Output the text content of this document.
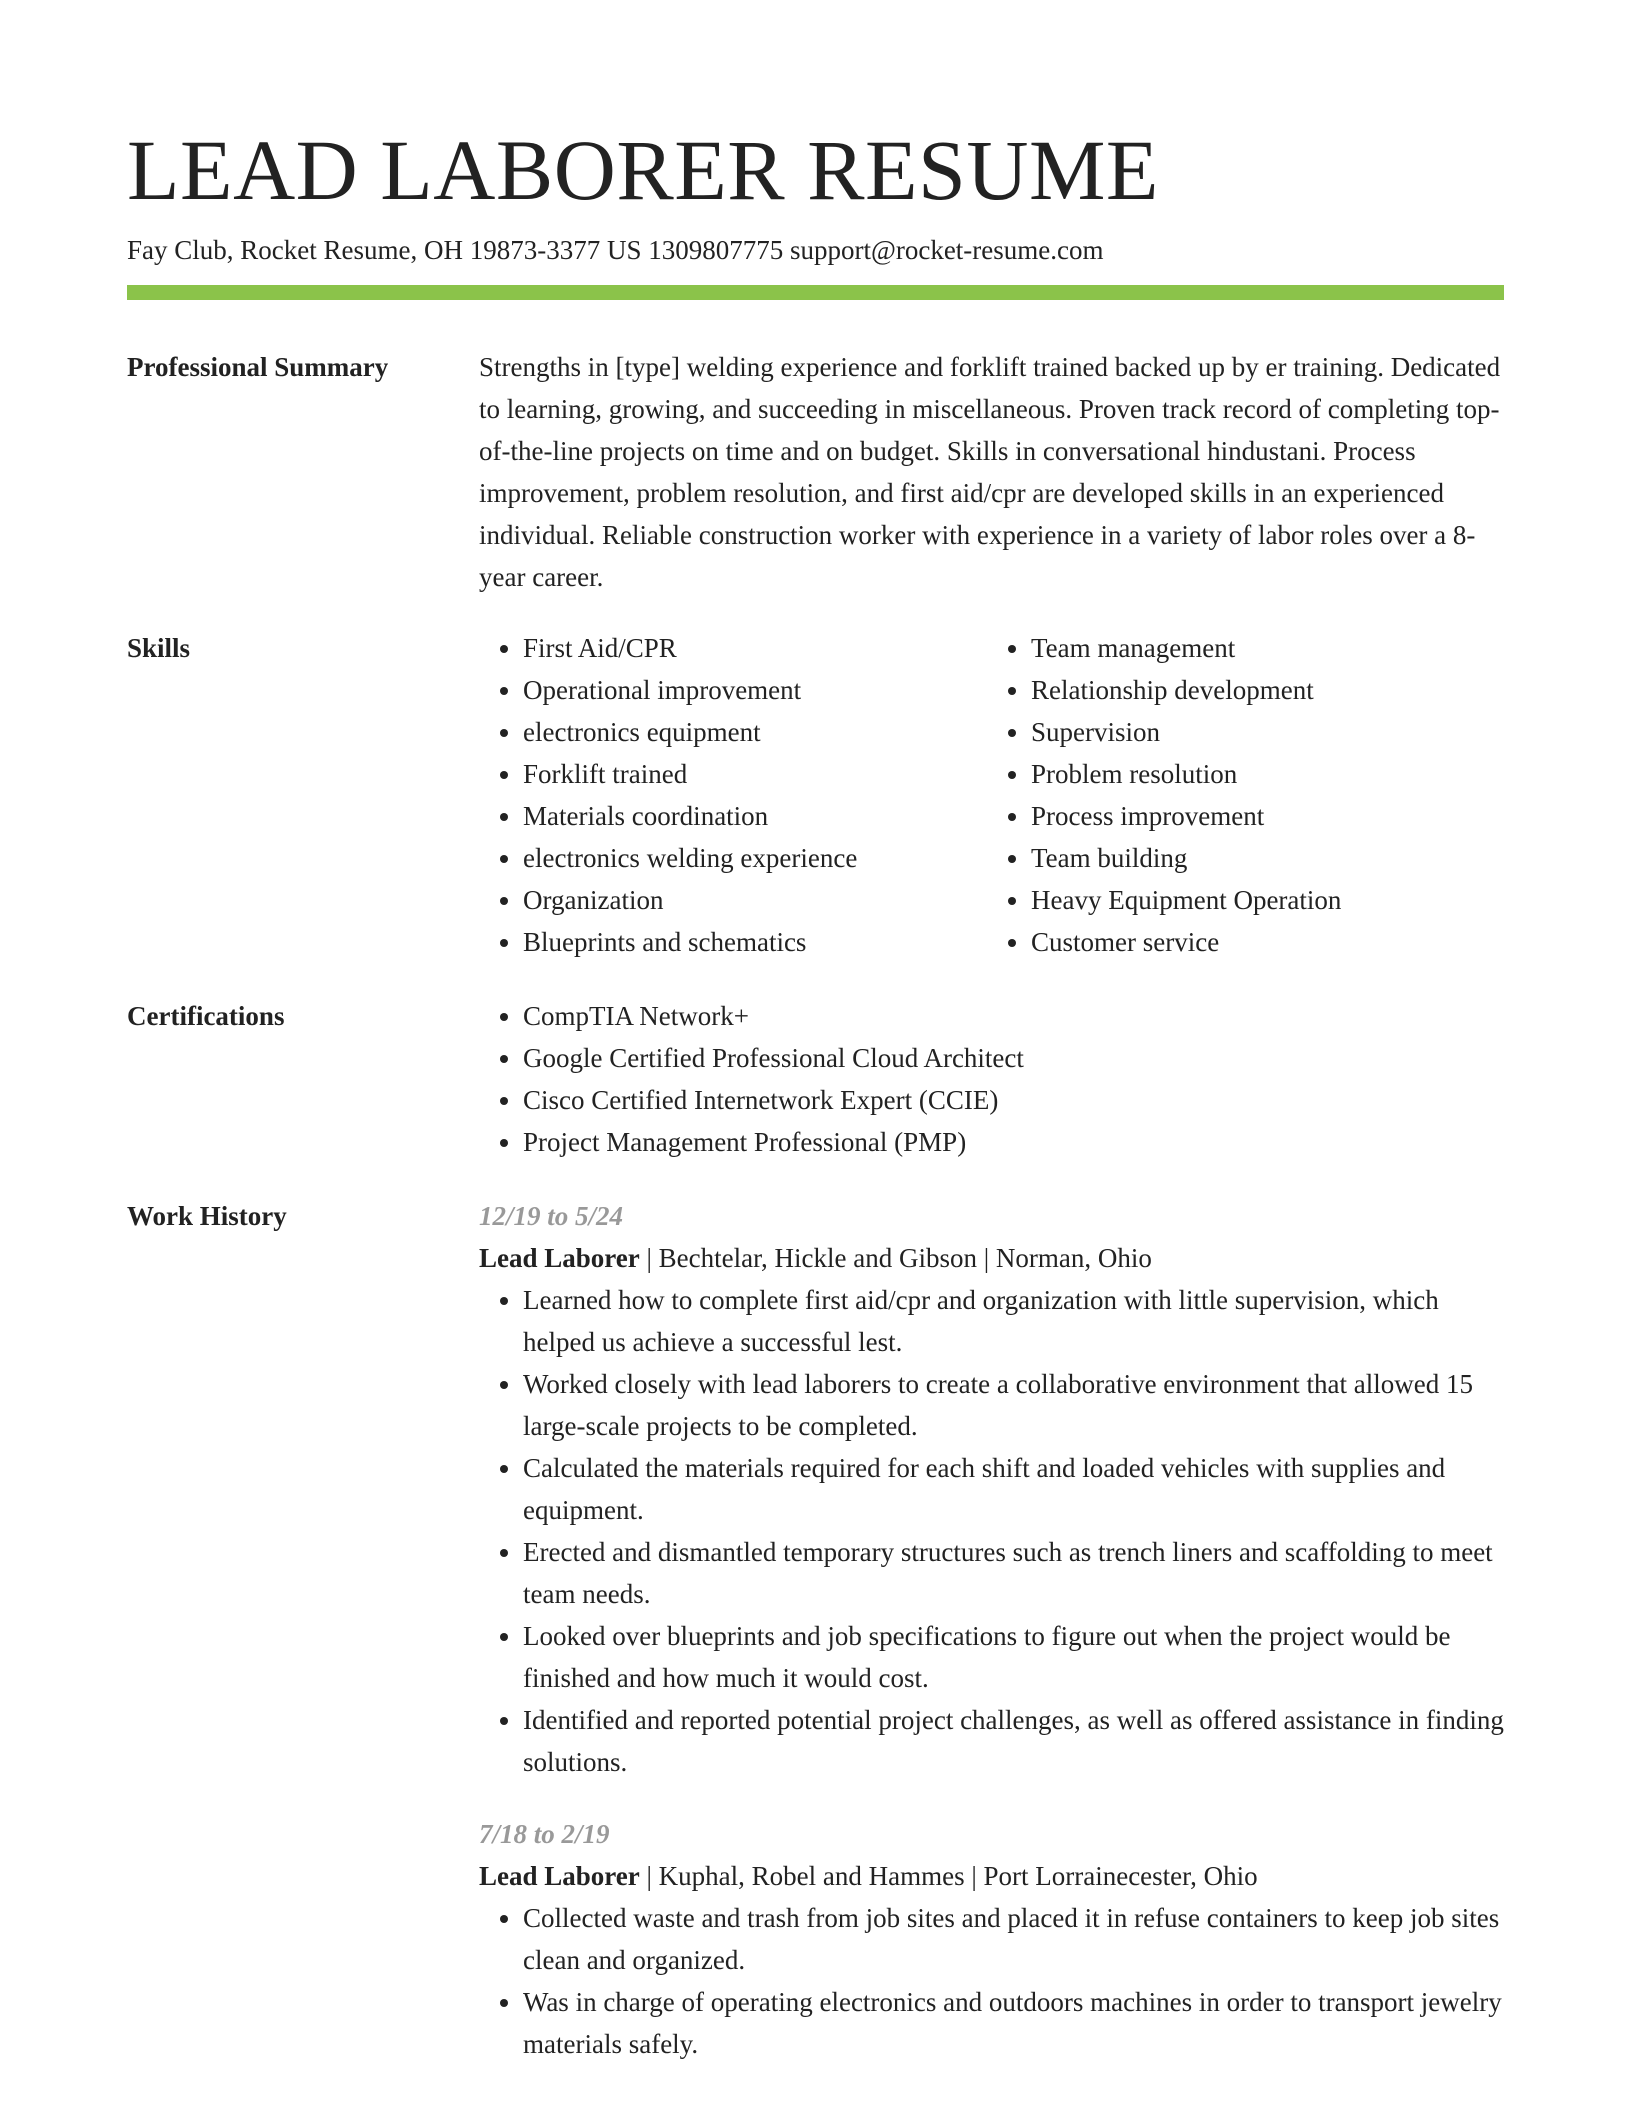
LEAD LABORER RESUME

Fay Club, Rocket Resume, OH 19873-3377 US 1309807775 support@rocket-resume.com

Professional Summary	Strengths in [type] welding experience and forklift trained backed up by er training. Dedicated to learning, growing, and succeeding in miscellaneous. Proven track record of completing top-of-the-line projects on time and on budget. Skills in conversational hindustani. Process improvement, problem resolution, and first aid/cpr are developed skills in an experienced individual. Reliable construction worker with experience in a variety of labor roles over a 8-year career.

Skills	• First Aid/CPR
• Operational improvement
• electronics equipment
• Forklift trained
• Materials coordination
• electronics welding experience
• Organization
• Blueprints and schematics
• Team management
• Relationship development
• Supervision
• Problem resolution
• Process improvement
• Team building
• Heavy Equipment Operation
• Customer service
Certifications	• CompTIA Network+
• Google Certified Professional Cloud Architect
• Cisco Certified Internetwork Expert (CCIE)
• Project Management Professional (PMP)
Work History	12/19 to 5/24

Lead Laborer | Bechtelar, Hickle and Gibson | Norman, Ohio

• Learned how to complete first aid/cpr and organization with little supervision, which helped us achieve a successful lest.
• Worked closely with lead laborers to create a collaborative environment that allowed 15 large-scale projects to be completed.
• Calculated the materials required for each shift and loaded vehicles with supplies and equipment.
• Erected and dismantled temporary structures such as trench liners and scaffolding to meet team needs.
• Looked over blueprints and job specifications to figure out when the project would be finished and how much it would cost.
• Identified and reported potential project challenges, as well as offered assistance in finding solutions.

7/18 to 2/19

Lead Laborer | Kuphal, Robel and Hammes | Port Lorrainecester, Ohio

• Collected waste and trash from job sites and placed it in refuse containers to keep job sites clean and organized.
• Was in charge of operating electronics and outdoors machines in order to transport jewelry materials safely.
